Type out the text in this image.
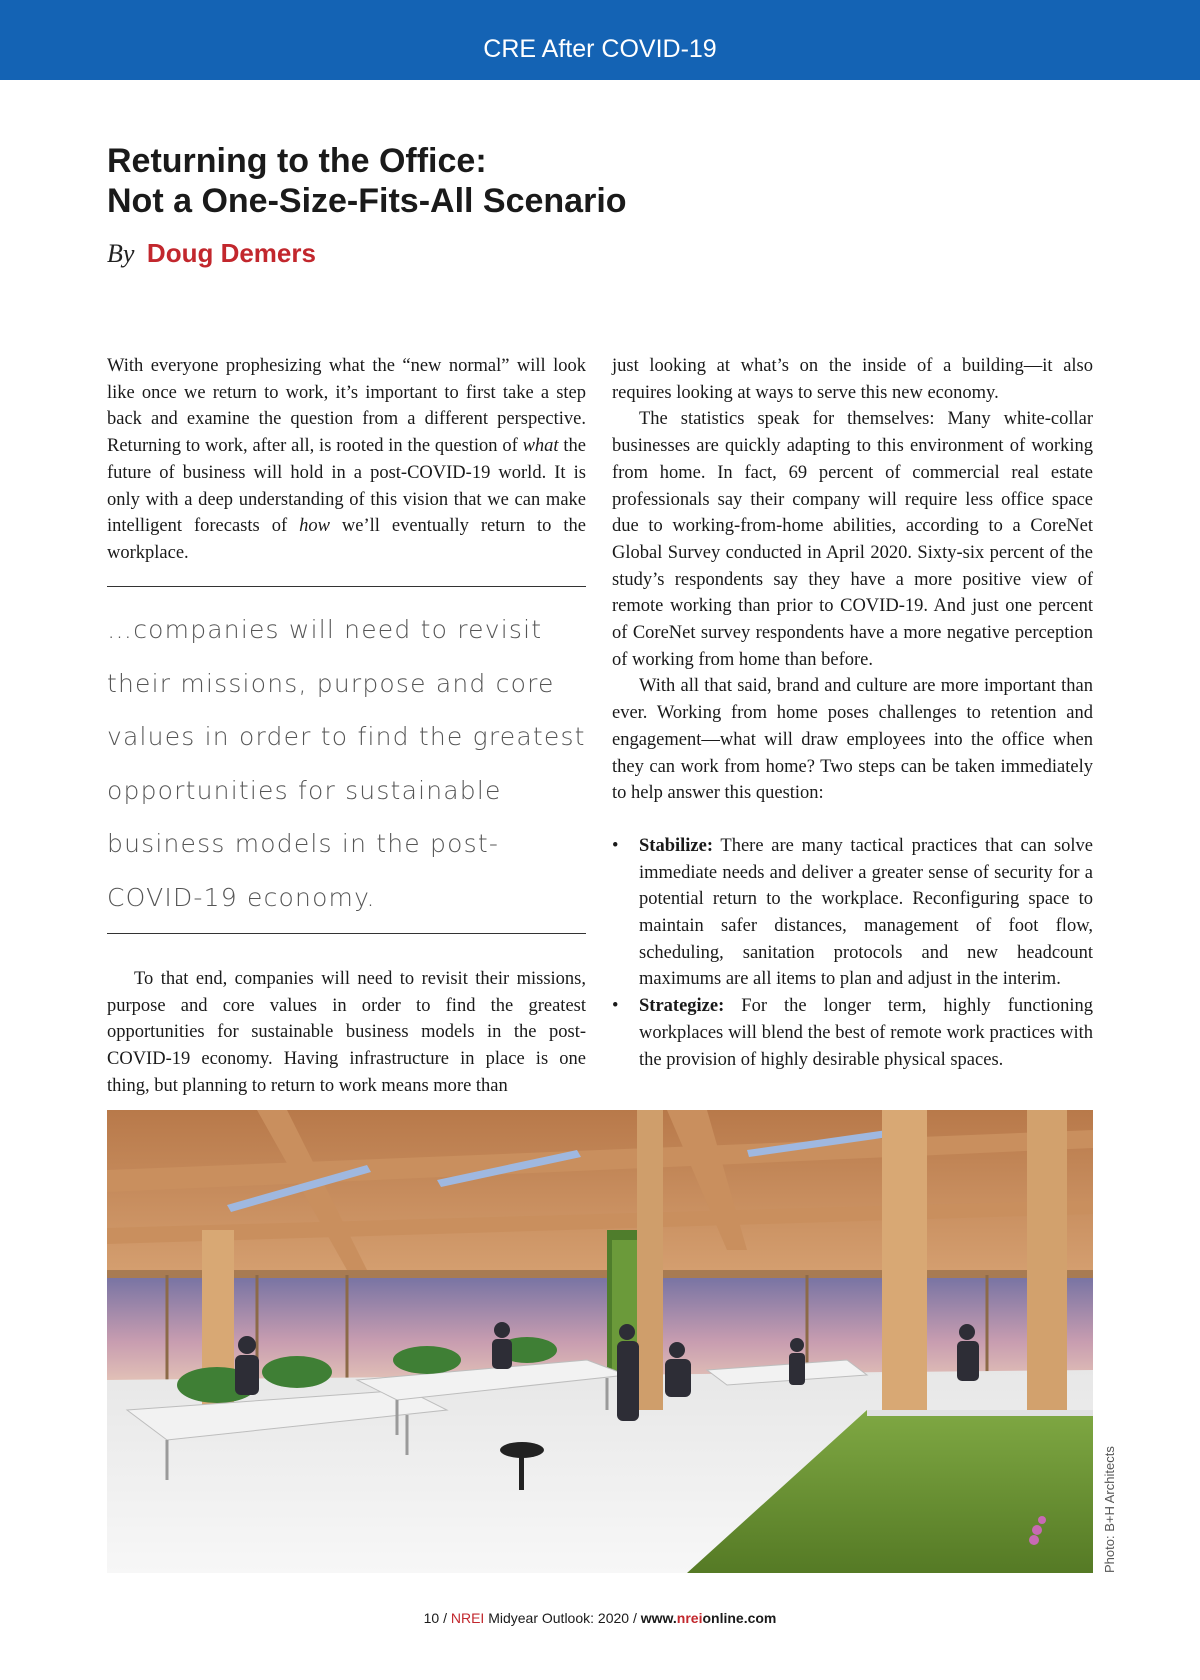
CRE After COVID-19
Returning to the Office:
Not a One-Size-Fits-All Scenario
By Doug Demers

With everyone prophesizing what the “new normal” will look like once we return to work, it’s important to first take a step back and examine the question from a different perspective. Returning to work, after all, is rooted in the question of what the future of business will hold in a post-COVID-19 world. It is only with a deep understanding of this vision that we can make intelligent forecasts of how we’ll eventually return to the workplace.

…companies will need to revisit their missions, purpose and core values in order to find the greatest opportunities for sustainable business models in the post-COVID-19 economy.

To that end, companies will need to revisit their missions, purpose and core values in order to find the greatest opportunities for sustainable business models in the post-COVID-19 economy. Having infrastructure in place is one thing, but planning to return to work means more than

just looking at what’s on the inside of a building—it also requires looking at ways to serve this new economy.

The statistics speak for themselves: Many white-collar businesses are quickly adapting to this environment of working from home. In fact, 69 percent of commercial real estate professionals say their company will require less office space due to working-from-home abilities, according to a CoreNet Global Survey conducted in April 2020. Sixty-six percent of the study’s respondents say they have a more positive view of remote working than prior to COVID-19. And just one percent of CoreNet survey respondents have a more negative perception of working from home than before.

With all that said, brand and culture are more important than ever. Working from home poses challenges to retention and engagement—what will draw employees into the office when they can work from home? Two steps can be taken immediately to help answer this question:

• Stabilize: There are many tactical practices that can solve immediate needs and deliver a greater sense of security for a potential return to the workplace. Reconfiguring space to maintain safer distances, management of foot flow, scheduling, sanitation protocols and new headcount maximums are all items to plan and adjust in the interim.
• Strategize: For the longer term, highly functioning workplaces will blend the best of remote work practices with the provision of highly desirable physical spaces.
Photo: B+H Architects
10 / NREI Midyear Outlook: 2020 / www.nreionline.com
